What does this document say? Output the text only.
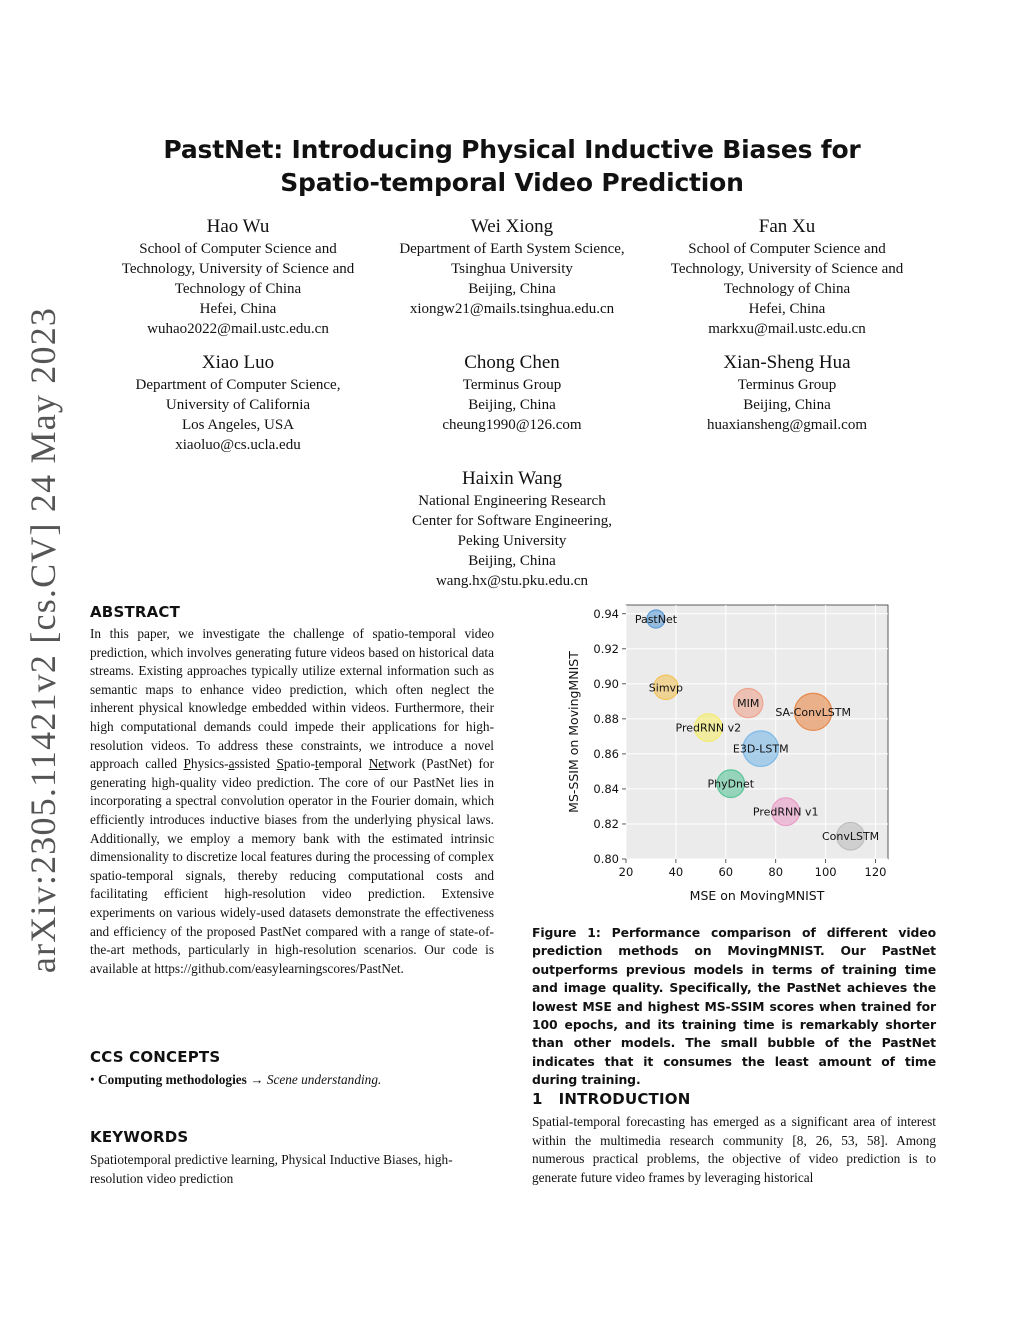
arXiv:2305.11421v2 [cs.CV] 24 May 2023
PastNet: Introducing Physical Inductive Biases for
Spatio-temporal Video Prediction
Hao Wu
School of Computer Science and
Technology, University of Science and
Technology of China
Hefei, China
wuhao2022@mail.ustc.edu.cn
Wei Xiong
Department of Earth System Science,
Tsinghua University
Beijing, China
xiongw21@mails.tsinghua.edu.cn
Fan Xu
School of Computer Science and
Technology, University of Science and
Technology of China
Hefei, China
markxu@mail.ustc.edu.cn
Xiao Luo
Department of Computer Science,
University of California
Los Angeles, USA
xiaoluo@cs.ucla.edu
Chong Chen
Terminus Group
Beijing, China
cheung1990@126.com
Xian-Sheng Hua
Terminus Group
Beijing, China
huaxiansheng@gmail.com
Haixin Wang
National Engineering Research
Center for Software Engineering,
Peking University
Beijing, China
wang.hx@stu.pku.edu.cn
ABSTRACT
In this paper, we investigate the challenge of spatio-temporal video prediction, which involves generating future videos based on historical data streams. Existing approaches typically utilize external information such as semantic maps to enhance video prediction, which often neglect the inherent physical knowledge embedded within videos. Furthermore, their high computational demands could impede their applications for high-resolution videos. To address these constraints, we introduce a novel approach called Physics-assisted Spatio-temporal Network (PastNet) for generating high-quality video prediction. The core of our PastNet lies in incorporating a spectral convolution operator in the Fourier domain, which efficiently introduces inductive biases from the underlying physical laws. Additionally, we employ a memory bank with the estimated intrinsic dimensionality to discretize local features during the processing of complex spatio-temporal signals, thereby reducing computational costs and facilitating efficient high-resolution video prediction. Extensive experiments on various widely-used datasets demonstrate the effectiveness and efficiency of the proposed PastNet compared with a range of state-of-the-art methods, particularly in high-resolution scenarios. Our code is available at https://github.com/easylearningscores/PastNet.
CCS CONCEPTS
• Computing methodologies → Scene understanding.
KEYWORDS
Spatiotemporal predictive learning, Physical Inductive Biases, high-resolution video prediction
PastNet
Simvp
MIM
SA-ConvLSTM
PredRNN v2
E3D-LSTM
PhyDnet
PredRNN v1
ConvLSTM
20	40	60	80	100 120
0.80
0.82
0.84
0.86
0.88
0.90
0.92
0.94
MSE on MovingMNIST
MS-SSIM on MovingMNIST
Figure 1: Performance comparison of different video prediction methods on MovingMNIST. Our PastNet outperforms previous models in terms of training time and image quality. Specifically, the PastNet achieves the lowest MSE and highest MS-SSIM scores when trained for 100 epochs, and its training time is remarkably shorter than other models. The small bubble of the PastNet indicates that it consumes the least amount of time during training.
1 INTRODUCTION
Spatial-temporal forecasting has emerged as a significant area of interest within the multimedia research community [8, 26, 53, 58]. Among numerous practical problems, the objective of video prediction is to generate future video frames by leveraging historical
